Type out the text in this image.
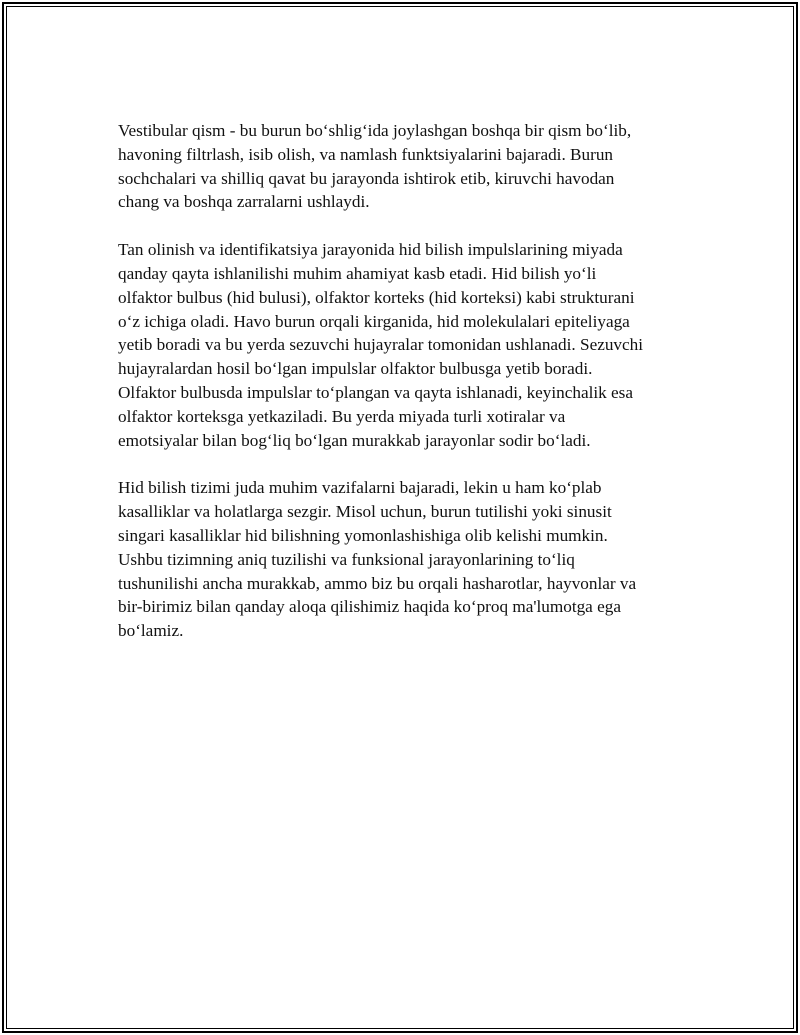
Vestibular qism - bu burun bo‘shlig‘ida joylashgan boshqa bir qism bo‘lib,
havoning filtrlash, isib olish, va namlash funktsiyalarini bajaradi. Burun
sochchalari va shilliq qavat bu jarayonda ishtirok etib, kiruvchi havodan
chang va boshqa zarralarni ushlaydi.

Tan olinish va identifikatsiya jarayonida hid bilish impulslarining miyada
qanday qayta ishlanilishi muhim ahamiyat kasb etadi. Hid bilish yo‘li
olfaktor bulbus (hid bulusi), olfaktor korteks (hid korteksi) kabi strukturani
o‘z ichiga oladi. Havo burun orqali kirganida, hid molekulalari epiteliyaga
yetib boradi va bu yerda sezuvchi hujayralar tomonidan ushlanadi. Sezuvchi
hujayralardan hosil bo‘lgan impulslar olfaktor bulbusga yetib boradi.
Olfaktor bulbusda impulslar to‘plangan va qayta ishlanadi, keyinchalik esa
olfaktor korteksga yetkaziladi. Bu yerda miyada turli xotiralar va
emotsiyalar bilan bog‘liq bo‘lgan murakkab jarayonlar sodir bo‘ladi.

Hid bilish tizimi juda muhim vazifalarni bajaradi, lekin u ham ko‘plab
kasalliklar va holatlarga sezgir. Misol uchun, burun tutilishi yoki sinusit
singari kasalliklar hid bilishning yomonlashishiga olib kelishi mumkin.
Ushbu tizimning aniq tuzilishi va funksional jarayonlarining to‘liq
tushunilishi ancha murakkab, ammo biz bu orqali hasharotlar, hayvonlar va
bir-birimiz bilan qanday aloqa qilishimiz haqida ko‘proq ma'lumotga ega
bo‘lamiz.
